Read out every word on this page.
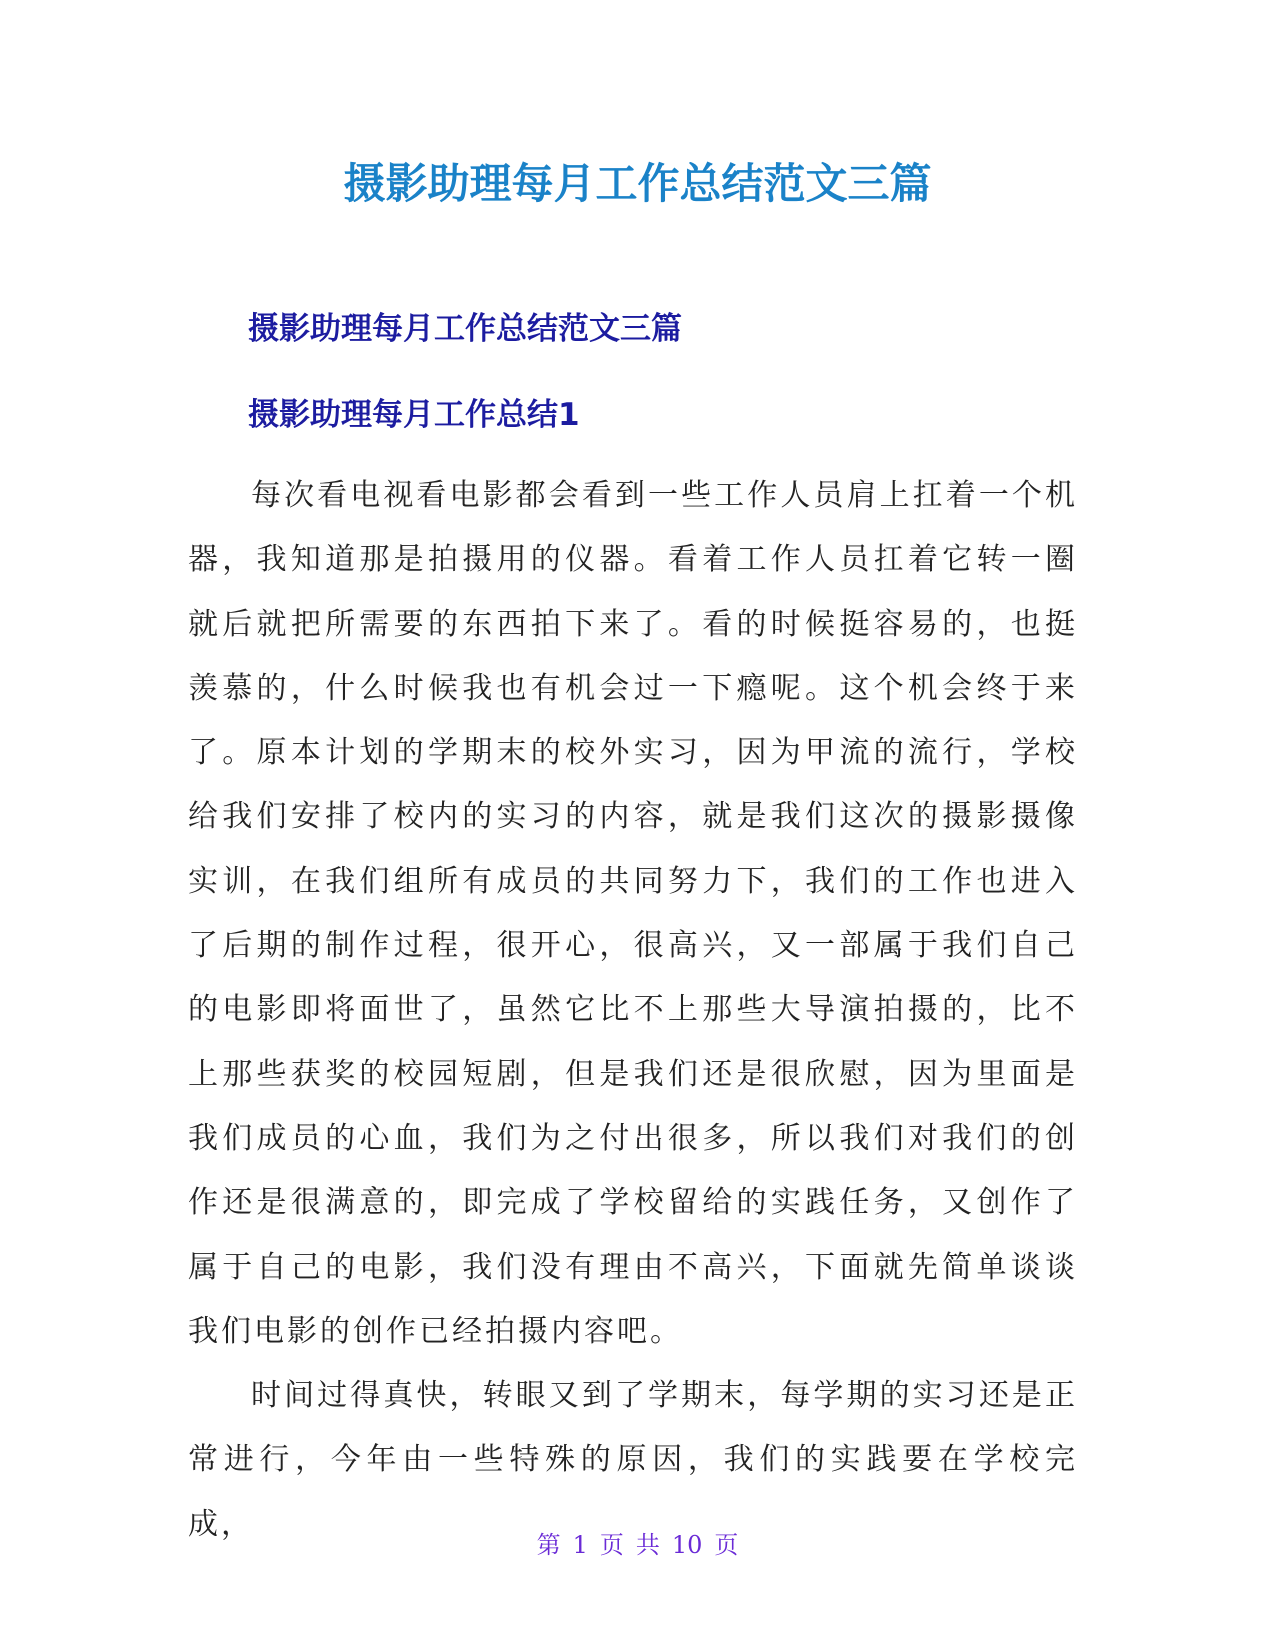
摄影助理每月工作总结范文三篇
摄影助理每月工作总结范文三篇
摄影助理每月工作总结1

每次看电视看电影都会看到一些工作人员肩上扛着一个机器，我知道那是拍摄用的仪器。看着工作人员扛着它转一圈就后就把所需要的东西拍下来了。看的时候挺容易的，也挺羡慕的，什么时候我也有机会过一下瘾呢。这个机会终于来了。原本计划的学期末的校外实习，因为甲流的流行，学校给我们安排了校内的实习的内容，就是我们这次的摄影摄像实训，在我们组所有成员的共同努力下，我们的工作也进入了后期的制作过程，很开心，很高兴，又一部属于我们自己的电影即将面世了，虽然它比不上那些大导演拍摄的，比不上那些获奖的校园短剧，但是我们还是很欣慰，因为里面是我们成员的心血，我们为之付出很多，所以我们对我们的创作还是很满意的，即完成了学校留给的实践任务，又创作了属于自己的电影，我们没有理由不高兴，下面就先简单谈谈我们电影的创作已经拍摄内容吧。

时间过得真快，转眼又到了学期末，每学期的实习还是正常进行，今年由一些特殊的原因，我们的实践要在学校完成，

第 1 页 共 10 页
